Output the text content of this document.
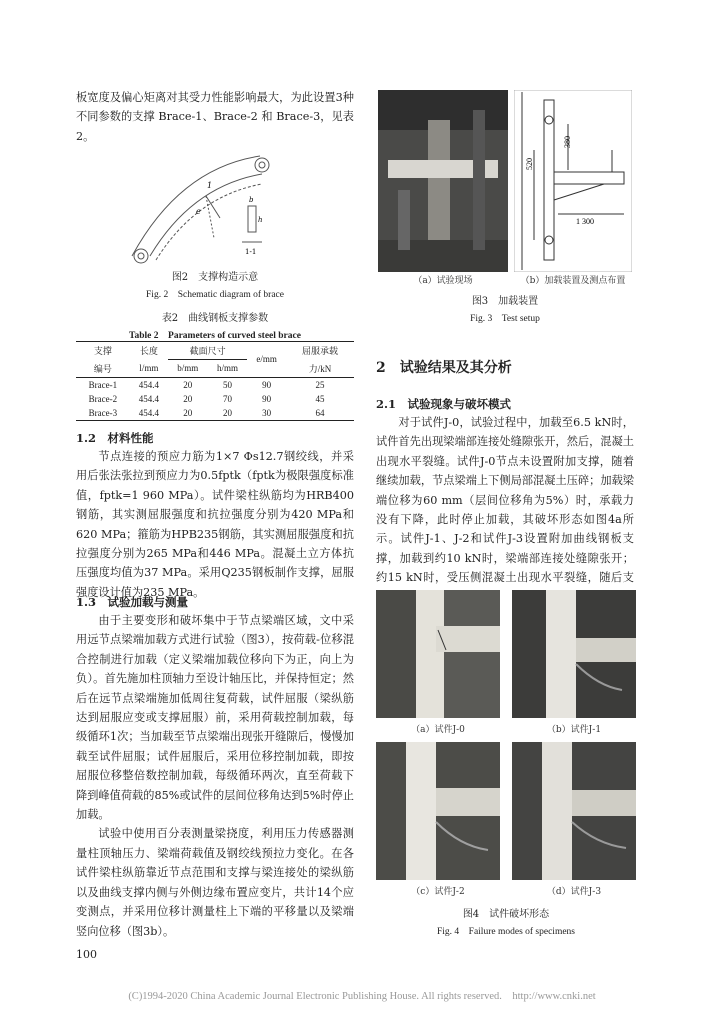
板宽度及偏心矩离对其受力性能影响最大，为此设置3种不同参数的支撑 Brace-1、Brace-2 和 Brace-3，见表2。

1
e
h
b
1-1
图2　支撑构造示意
Fig. 2　Schematic diagram of brace
表2　曲线钢板支撑参数
Table 2　Parameters of curved steel brace
支撑	长度	截面尺寸		e/mm	屈服承载
编号	l/mm	b/mm	h/mm		力/kN
Brace-1	454.4	20	50	90	25
Brace-2	454.4	20	70	90	45
Brace-3	454.4	20	20	30	64
1.2　材料性能

节点连接的预应力筋为1×7 Φs12.7钢绞线，并采用后张法张拉到预应力为0.5fptk（fptk为极限强度标准值，fptk=1 960 MPa）。试件梁柱纵筋均为HRB400钢筋，其实测屈服强度和抗拉强度分别为420 MPa和620 MPa；箍筋为HPB235钢筋，其实测屈服强度和抗拉强度分别为265 MPa和446 MPa。混凝土立方体抗压强度均值为37 MPa。采用Q235钢板制作支撑，屈服强度设计值为235 MPa。

1.3　试验加载与测量

由于主要变形和破坏集中于节点梁端区域，文中采用远节点梁端加载方式进行试验（图3），按荷载-位移混合控制进行加载（定义梁端加载位移向下为正，向上为负）。首先施加柱顶轴力至设计轴压比，并保持恒定；然后在远节点梁端施加低周往复荷载，试件屈服（梁纵筋达到屈服应变或支撑屈服）前，采用荷载控制加载，每级循环1次；当加载至节点梁端出现张开缝隙后，慢慢加载至试件屈服；试件屈服后，采用位移控制加载，即按屈服位移整倍数控制加载，每级循环两次，直至荷载下降到峰值荷载的85%或试件的层间位移角达到5%时停止加载。

试验中使用百分表测量梁挠度，利用压力传感器测量柱顶轴压力、梁端荷载值及钢绞线预拉力变化。在各试件梁柱纵筋靠近节点范围和支撑与梁连接处的梁纵筋以及曲线支撑内侧与外侧边缘布置应变片，共计14个应变测点，并采用位移计测量柱上下端的平移量以及梁端竖向位移（图3b）。

100
（a）试验现场
380
1 300
520
（b）加载装置及测点布置
图3　加载装置
Fig. 3　Test setup
2　试验结果及其分析
2.1　试验现象与破坏模式

对于试件J-0，试验过程中，加载至6.5 kN时，试件首先出现梁端部连接处缝隙张开，然后，混凝土出现水平裂缝。试件J-0节点未设置附加支撑，随着继续加载，节点梁端上下侧局部混凝土压碎；加载梁端位移为60 mm（层间位移角为5%）时，承载力没有下降，此时停止加载，其破坏形态如图4a所示。试件J-1、J-2和试件J-3设置附加曲线钢板支撑，加载到约10 kN时，梁端部连接处缝隙张开；约15 kN时，受压侧混凝土出现水平裂缝，随后支

（a）试件J-0	（b）试件J-1
（c）试件J-2	（d）试件J-3
图4　试件破坏形态
Fig. 4　Failure modes of specimens
(C)1994-2020 China Academic Journal Electronic Publishing House. All rights reserved.　http://www.cnki.net
